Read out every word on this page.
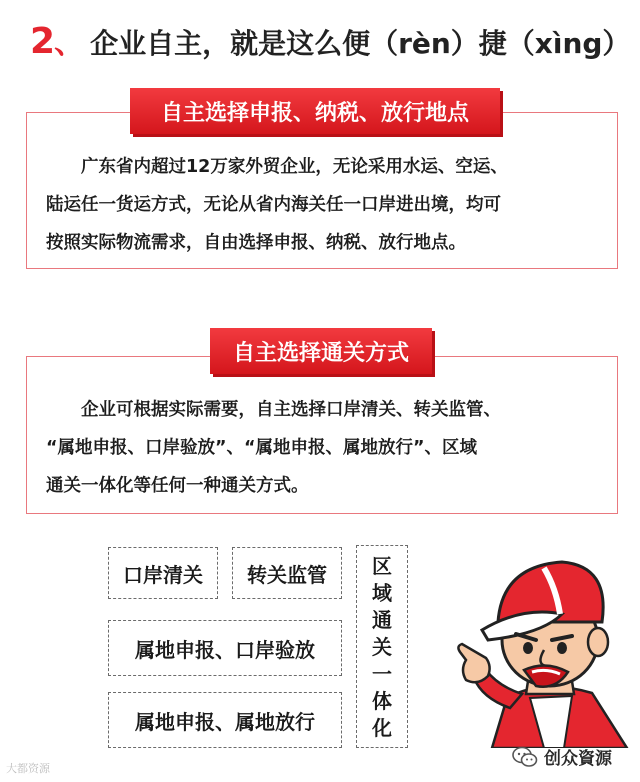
2 、 企业自主，就是这么便（rèn）捷（xìng）
自主选择申报、纳税、放行地点
　　广东省内超过12万家外贸企业，无论采用水运、空运、
陆运任一货运方式，无论从省内海关任一口岸进出境，均可
按照实际物流需求，自由选择申报、纳税、放行地点。
自主选择通关方式
　　企业可根据实际需要，自主选择口岸清关、转关监管、
“属地申报、口岸验放”、“属地申报、属地放行”、区域
通关一体化等任何一种通关方式。
口岸清关	转关监管
属地申报、口岸验放
属地申报、属地放行
区
域
通
关
一
体
化
大都资源	创众資源
